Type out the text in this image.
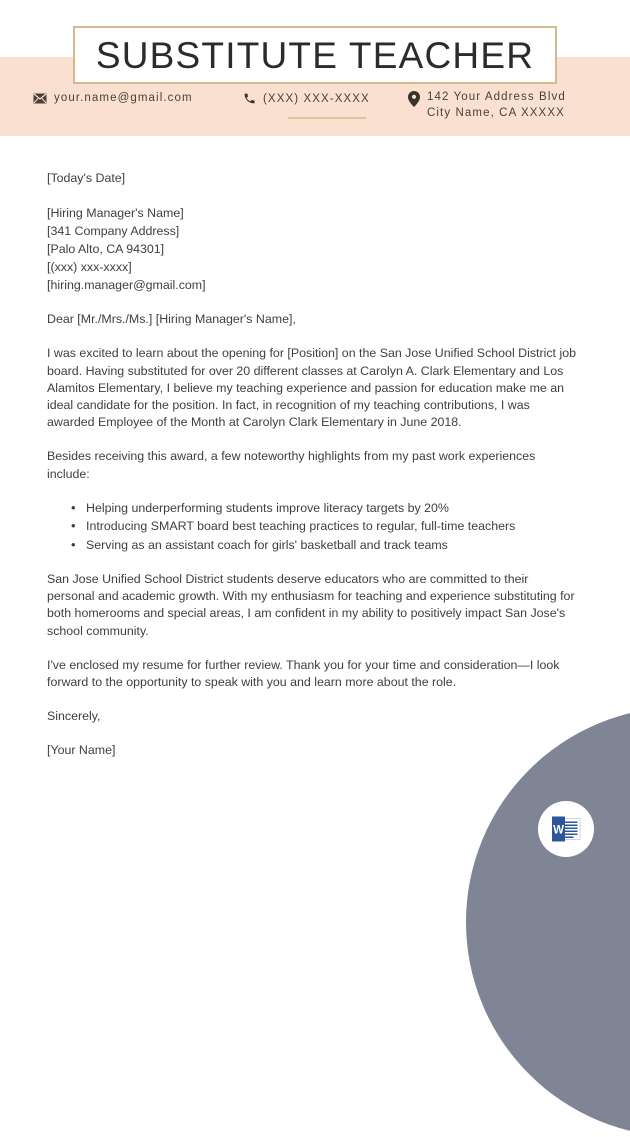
SUBSTITUTE TEACHER
your.name@gmail.com	(XXX) XXX-XXXX	142 Your Address Blvd
City Name, CA XXXXX

[Today's Date]

[Hiring Manager's Name]
[341 Company Address]
[Palo Alto, CA 94301]
[(xxx) xxx-xxxx]
[hiring.manager@gmail.com]

Dear [Mr./Mrs./Ms.] [Hiring Manager's Name],

I was excited to learn about the opening for [Position] on the San Jose Unified School District job board. Having substituted for over 20 different classes at Carolyn A. Clark Elementary and Los Alamitos Elementary, I believe my teaching experience and passion for education make me an ideal candidate for the position. In fact, in recognition of my teaching contributions, I was awarded Employee of the Month at Carolyn Clark Elementary in June 2018.

Besides receiving this award, a few noteworthy highlights from my past work experiences include:

• Helping underperforming students improve literacy targets by 20%
• Introducing SMART board best teaching practices to regular, full-time teachers
• Serving as an assistant coach for girls' basketball and track teams

San Jose Unified School District students deserve educators who are committed to their personal and academic growth. With my enthusiasm for teaching and experience substituting for both homerooms and special areas, I am confident in my ability to positively impact San Jose's school community.

I've enclosed my resume for further review. Thank you for your time and consideration—I look forward to the opportunity to speak with you and learn more about the role.

Sincerely,

[Your Name]

W
